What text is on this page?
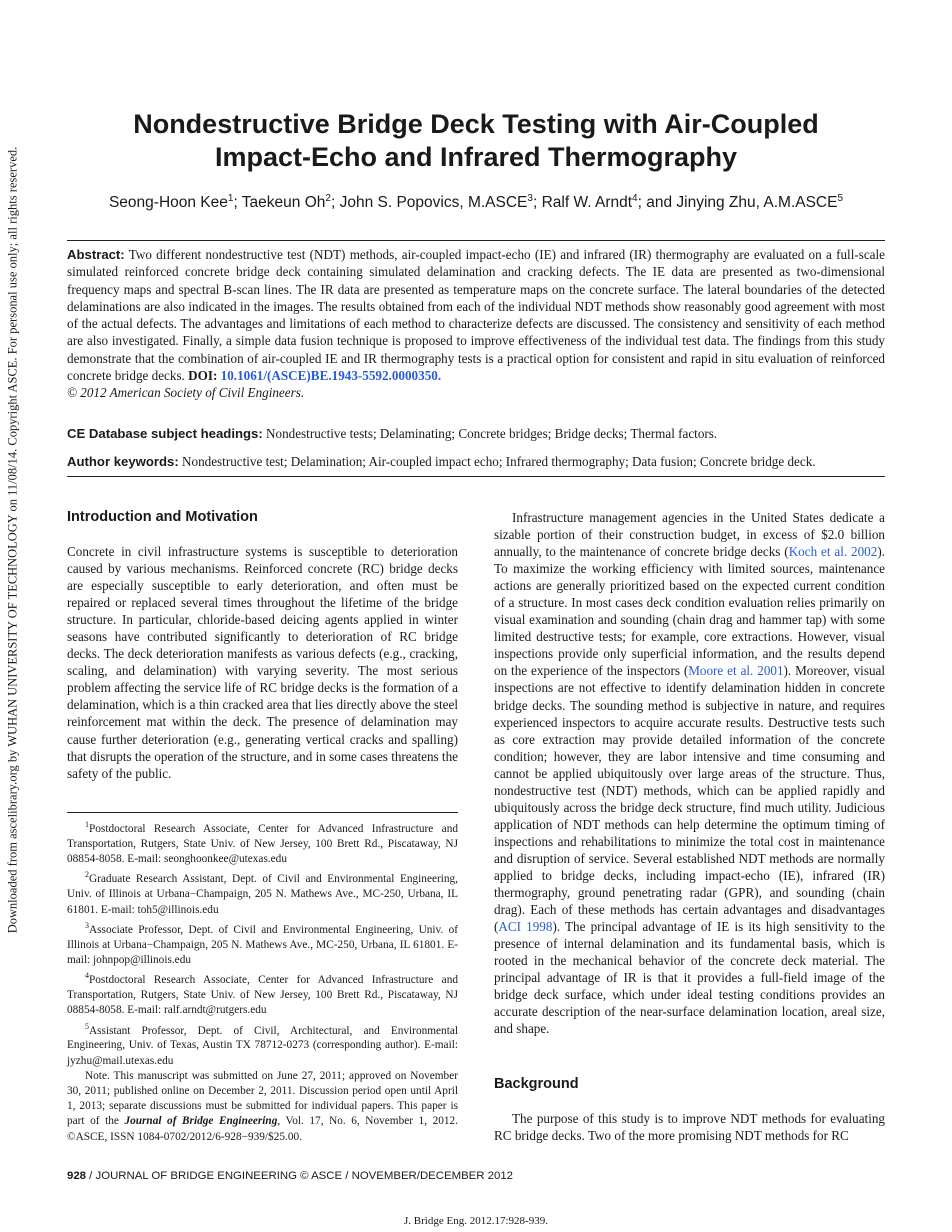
Downloaded from ascelibrary.org by WUHAN UNIVERSITY OF TECHNOLOGY on 11/08/14. Copyright ASCE. For personal use only; all rights reserved.
Nondestructive Bridge Deck Testing with Air-Coupled
Impact-Echo and Infrared Thermography
Seong-Hoon Kee$^1$; Taekeun Oh$^2$; John S. Popovics, M.ASCE$^3$; Ralf W. Arndt$^4$; and Jinying Zhu, A.M.ASCE$^5$
Abstract: Two different nondestructive test (NDT) methods, air-coupled impact-echo (IE) and infrared (IR) thermography are evaluated on a full-scale simulated reinforced concrete bridge deck containing simulated delamination and cracking defects. The IE data are presented as two-dimensional frequency maps and spectral B-scan lines. The IR data are presented as temperature maps on the concrete surface. The lateral boundaries of the detected delaminations are also indicated in the images. The results obtained from each of the individual NDT methods show reasonably good agreement with most of the actual defects. The advantages and limitations of each method to characterize defects are discussed. The consistency and sensitivity of each method are also investigated. Finally, a simple data fusion technique is proposed to improve effectiveness of the individual test data. The findings from this study demonstrate that the combination of air-coupled IE and IR thermography tests is a practical option for consistent and rapid in situ evaluation of reinforced concrete bridge decks. DOI: 10.1061/(ASCE)BE.1943-5592.0000350.
© 2012 American Society of Civil Engineers.
CE Database subject headings: Nondestructive tests; Delaminating; Concrete bridges; Bridge decks; Thermal factors.
Author keywords: Nondestructive test; Delamination; Air-coupled impact echo; Infrared thermography; Data fusion; Concrete bridge deck.
Introduction and Motivation

Concrete in civil infrastructure systems is susceptible to deterioration caused by various mechanisms. Reinforced concrete (RC) bridge decks are especially susceptible to early deterioration, and often must be repaired or replaced several times throughout the lifetime of the bridge structure. In particular, chloride-based deicing agents applied in winter seasons have contributed significantly to deterioration of RC bridge decks. The deck deterioration manifests as various defects (e.g., cracking, scaling, and delamination) with varying severity. The most serious problem affecting the service life of RC bridge decks is the formation of a delamination, which is a thin cracked area that lies directly above the steel reinforcement mat within the deck. The presence of delamination may cause further deterioration (e.g., generating vertical cracks and spalling) that disrupts the operation of the structure, and in some cases threatens the safety of the public.

$^1$Postdoctoral Research Associate, Center for Advanced Infrastructure and Transportation, Rutgers, State Univ. of New Jersey, 100 Brett Rd., Piscataway, NJ 08854-8058. E-mail: seonghoonkee@utexas.edu

$^2$Graduate Research Assistant, Dept. of Civil and Environmental Engineering, Univ. of Illinois at Urbana−Champaign, 205 N. Mathews Ave., MC-250, Urbana, IL 61801. E-mail: toh5@illinois.edu

$^3$Associate Professor, Dept. of Civil and Environmental Engineering, Univ. of Illinois at Urbana−Champaign, 205 N. Mathews Ave., MC-250, Urbana, IL 61801. E-mail: johnpop@illinois.edu

$^4$Postdoctoral Research Associate, Center for Advanced Infrastructure and Transportation, Rutgers, State Univ. of New Jersey, 100 Brett Rd., Piscataway, NJ 08854-8058. E-mail: ralf.arndt@rutgers.edu

$^5$Assistant Professor, Dept. of Civil, Architectural, and Environmental Engineering, Univ. of Texas, Austin TX 78712-0273 (corresponding author). E-mail: jyzhu@mail.utexas.edu

Note. This manuscript was submitted on June 27, 2011; approved on November 30, 2011; published online on December 2, 2011. Discussion period open until April 1, 2013; separate discussions must be submitted for individual papers. This paper is part of the Journal of Bridge Engineering, Vol. 17, No. 6, November 1, 2012. ©ASCE, ISSN 1084-0702/2012/6-928−939/$25.00.

Infrastructure management agencies in the United States dedicate a sizable portion of their construction budget, in excess of $2.0 billion annually, to the maintenance of concrete bridge decks (Koch et al. 2002). To maximize the working efficiency with limited sources, maintenance actions are generally prioritized based on the expected current condition of a structure. In most cases deck condition evaluation relies primarily on visual examination and sounding (chain drag and hammer tap) with some limited destructive tests; for example, core extractions. However, visual inspections provide only superficial information, and the results depend on the experience of the inspectors (Moore et al. 2001). Moreover, visual inspections are not effective to identify delamination hidden in concrete bridge decks. The sounding method is subjective in nature, and requires experienced inspectors to acquire accurate results. Destructive tests such as core extraction may provide detailed information of the concrete condition; however, they are labor intensive and time consuming and cannot be applied ubiquitously over large areas of the structure. Thus, nondestructive test (NDT) methods, which can be applied rapidly and ubiquitously across the bridge deck structure, find much utility. Judicious application of NDT methods can help determine the optimum timing of inspections and rehabilitations to minimize the total cost in maintenance and disruption of service. Several established NDT methods are normally applied to bridge decks, including impact-echo (IE), infrared (IR) thermography, ground penetrating radar (GPR), and sounding (chain drag). Each of these methods has certain advantages and disadvantages (ACI 1998). The principal advantage of IE is its high sensitivity to the presence of internal delamination and its fundamental basis, which is rooted in the mechanical behavior of the concrete deck material. The principal advantage of IR is that it provides a full-field image of the bridge deck surface, which under ideal testing conditions provides an accurate description of the near-surface delamination location, areal size, and shape.

Background

The purpose of this study is to improve NDT methods for evaluating RC bridge decks. Two of the more promising NDT methods for RC

928 / JOURNAL OF BRIDGE ENGINEERING © ASCE / NOVEMBER/DECEMBER 2012
J. Bridge Eng. 2012.17:928-939.
